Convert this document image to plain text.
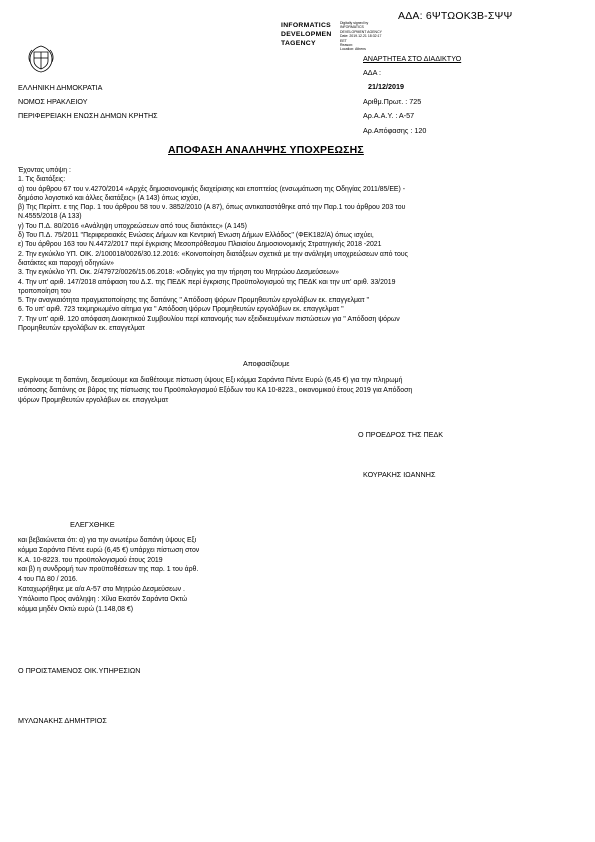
ΑΔΑ: 6ΨΤΩΟΚ3Β-ΣΨΨ
INFORMATICS
DEVELOPMEN
TAGENCY
Digitally signed by
INFORMATICS
DEVELOPMENT AGENCY
Date: 2019.12.21 18:32:17
EET
Reason:
Location: Athens
ΑΝΑΡΤΗΤΕΑ ΣΤΟ ΔΙΑΔΙΚΤΥΟ
ΕΛΛΗΝΙΚΗ ΔΗΜΟΚΡΑΤΙΑ
ΝΟΜΟΣ ΗΡΑΚΛΕΙΟΥ
ΠΕΡΙΦΕΡΕΙΑΚΗ ΕΝΩΣΗ ΔΗΜΩΝ ΚΡΗΤΗΣ
ΑΔΑ :
21/12/2019
Αριθμ.Πρωτ. : 725
Αρ.Α.Α.Υ. : Α-57
Αρ.Απόφασης : 120
ΑΠΟΦΑΣΗ ΑΝΑΛΗΨΗΣ ΥΠΟΧΡΕΩΣΗΣ
Έχοντας υπόψη :
1. Τις διατάξεις:
α) του άρθρου 67 του ν.4270/2014 «Αρχές δημοσιονομικής διαχείρισης και εποπτείας (ενσωμάτωση της Οδηγίας 2011/85/ΕΕ) -
δημόσιο λογιστικό και άλλες διατάξεις» (Α 143) όπως ισχύει,
β) Της Περίπτ. ε της Παρ. 1 του άρθρου 58 του ν. 3852/2010 (Α 87), όπως αντικαταστάθηκε από την Παρ.1 του άρθρου 203 του
N.4555/2018 (Α 133)
γ) Του Π.Δ. 80/2016 «Ανάληψη υποχρεώσεων από τους διατάκτες» (Α 145)
δ) Του Π.Δ. 75/2011 ''Περιφερειακές Ενώσεις Δήμων και Κεντρική Ένωση Δήμων Ελλάδος'' (ΦΕΚ182/Α) όπως ισχύει,
ε) Του άρθρου 163 του Ν.4472/2017 περί έγκρισης Μεσοπρόθεσμου Πλαισίου Δημοσιονομικής Στρατηγικής 2018 -2021
2. Την εγκύκλιο ΥΠ. ΟΙΚ. 2/100018/0026/30.12.2016: «Κοινοποίηση διατάξεων σχετικά με την ανάληψη υποχρεώσεων από τους
διατάκτες και παροχή οδηγιών»
3. Την εγκύκλιο ΥΠ. Οικ. 2/47972/0026/15.06.2018: «Οδηγίες για την τήρηση του Μητρώου Δεσμεύσεων»
4. Την υπ' αριθ. 147/2018 απόφαση του Δ.Σ. της ΠΕΔΚ περί έγκρισης Προϋπολογισμού της ΠΕΔΚ και την υπ' αριθ. 33/2019
τροποποίηση του
5. Την αναγκαιότητα πραγματοποίησης της δαπάνης '' Απόδοση ψόρων Προμηθευτών εργολάβων εκ. επαγγελματ ''
6. Το υπ' αριθ. 723 τεκμηριωμένο αίτημα για '' Απόδοση ψόρων Προμηθευτών εργολάβων εκ. επαγγελματ ''
7. Την υπ' αριθ. 120 απόφαση Διοικητικού Συμβουλίου περί κατανομής των εξειδικευμένων πιστώσεων για '' Απόδοση ψόρων
Προμηθευτών εργολάβων εκ. επαγγελματ
Αποφασίζουμε
Εγκρίνουμε τη δαπάνη, δεσμεύουμε και διαθέτουμε πίστωση ύψους Εξι κόμμα Σαράντα Πέντε Ευρώ (6,45 €) για την πληρωμή
ισόποσης δαπάνης σε βάρος της πίστωσης του Προϋπολογισμού Εξόδων του ΚΑ 10-8223., οικονομικού έτους 2019 για Απόδοση
ψόρων Προμηθευτών εργολάβων εκ. επαγγελματ
Ο ΠΡΟΕΔΡΟΣ ΤΗΣ ΠΕΔΚ
ΚΟΥΡΑΚΗΣ ΙΩΑΝΝΗΣ
ΕΛΕΓΧΘΗΚΕ
και βεβαιώνεται ότι: α) για την ανωτέρω δαπάνη ύψους Εξι
κόμμα Σαράντα Πέντε ευρώ (6,45 €) υπάρχει πίστωση στον
Κ.Α. 10-8223. του προϋπολογισμού έτους 2019
και β) η συνδρομή των προϋποθέσεων της παρ. 1 του άρθ.
4 του ΠΔ 80 / 2016.
Καταχωρήθηκε με α/α Α-57 στο Μητρώο Δεσμεύσεων .
Υπόλοιπο Προς ανάληψη : Χίλια Εκατόν Σαράντα Οκτώ
κόμμα μηδέν Οκτώ ευρώ (1.148,08 €)
Ο ΠΡΟΙΣΤΑΜΕΝΟΣ ΟΙΚ.ΥΠΗΡΕΣΙΩΝ
ΜΥΛΩΝΑΚΗΣ ΔΗΜΗΤΡΙΟΣ
